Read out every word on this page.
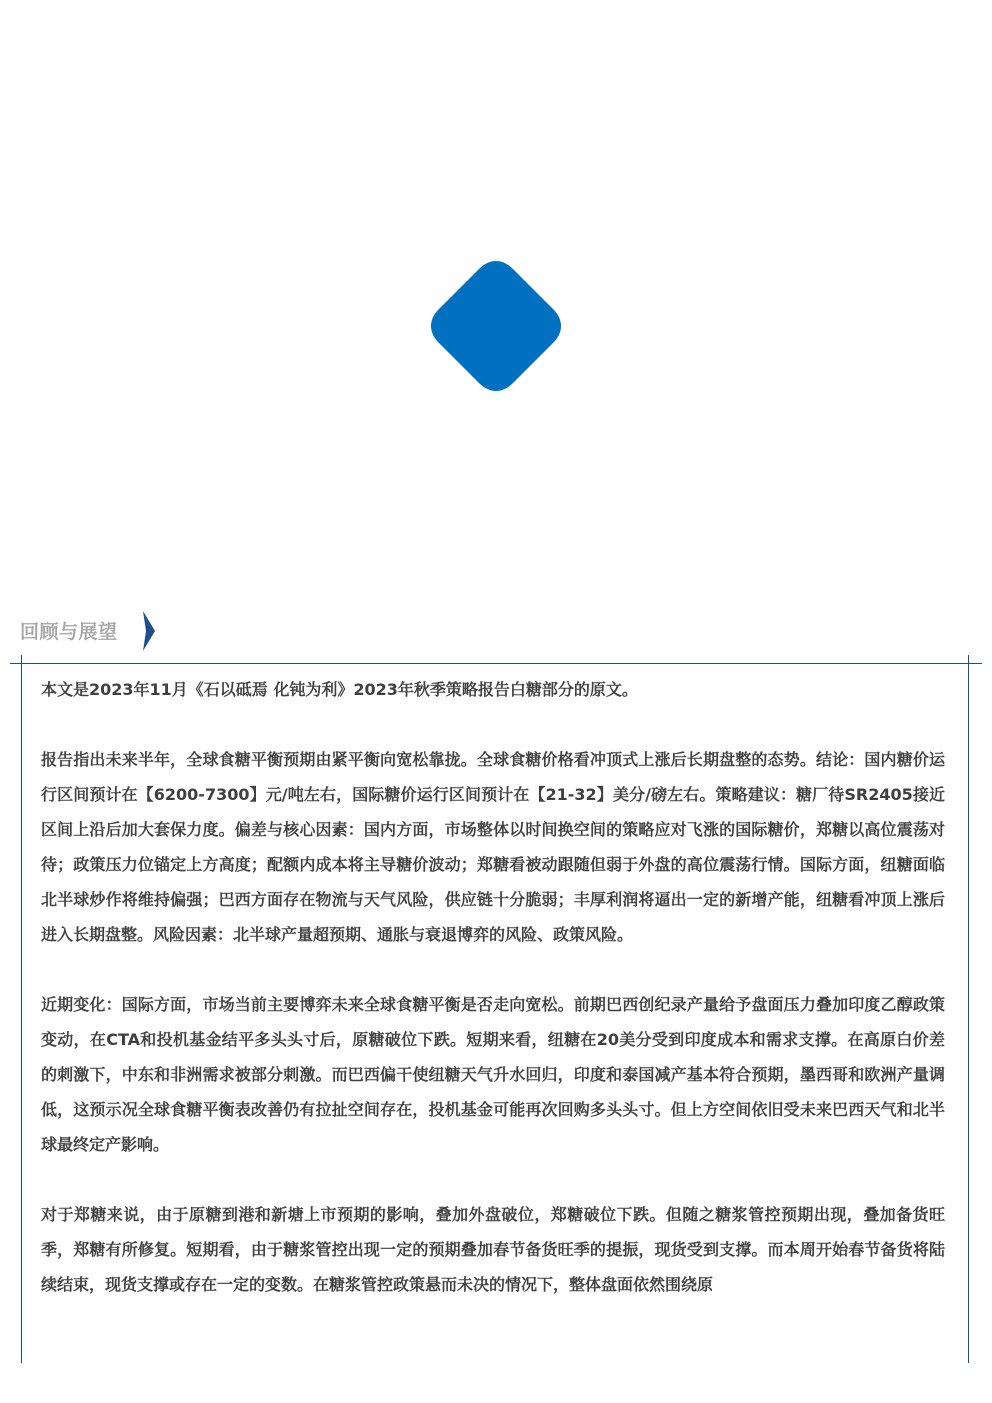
回顾与展望

本文是2023年11月《石以砥焉 化钝为利》2023年秋季策略报告白糖部分的原文。

报告指出未来半年，全球食糖平衡预期由紧平衡向宽松靠拢。全球食糖价格看冲顶式上涨后长期盘整的态势。结论：国内糖价运行区间预计在【6200-7300】元/吨左右，国际糖价运行区间预计在【21-32】美分/磅左右。策略建议：糖厂待SR2405接近区间上沿后加大套保力度。偏差与核心因素：国内方面，市场整体以时间换空间的策略应对飞涨的国际糖价，郑糖以高位震荡对待；政策压力位锚定上方高度；配额内成本将主导糖价波动；郑糖看被动跟随但弱于外盘的高位震荡行情。国际方面，纽糖面临北半球炒作将维持偏强；巴西方面存在物流与天气风险，供应链十分脆弱；丰厚利润将逼出一定的新增产能，纽糖看冲顶上涨后进入长期盘整。风险因素：北半球产量超预期、通胀与衰退博弈的风险、政策风险。

近期变化：国际方面，市场当前主要博弈未来全球食糖平衡是否走向宽松。前期巴西创纪录产量给予盘面压力叠加印度乙醇政策变动，在CTA和投机基金结平多头头寸后，原糖破位下跌。短期来看，纽糖在20美分受到印度成本和需求支撑。在高原白价差的刺激下，中东和非洲需求被部分刺激。而巴西偏干使纽糖天气升水回归，印度和泰国减产基本符合预期，墨西哥和欧洲产量调低，这预示况全球食糖平衡表改善仍有拉扯空间存在，投机基金可能再次回购多头头寸。但上方空间依旧受未来巴西天气和北半球最终定产影响。

对于郑糖来说，由于原糖到港和新塘上市预期的影响，叠加外盘破位，郑糖破位下跌。但随之糖浆管控预期出现，叠加备货旺季，郑糖有所修复。短期看，由于糖浆管控出现一定的预期叠加春节备货旺季的提振，现货受到支撑。而本周开始春节备货将陆续结束，现货支撑或存在一定的变数。在糖浆管控政策悬而未决的情况下，整体盘面依然围绕原
